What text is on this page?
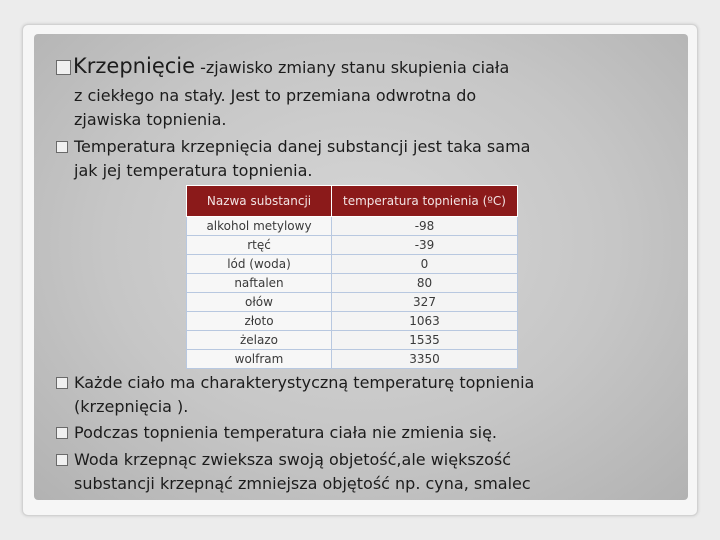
Krzepnięcie -zjawisko zmiany stanu skupienia ciała
z ciekłego na stały. Jest to przemiana odwrotna do
zjawiska topnienia.
Temperatura krzepnięcia danej substancji jest taka sama
jak jej temperatura topnienia.
Każde ciało ma charakterystyczną temperaturę topnienia
(krzepnięcia ).
Podczas topnienia temperatura ciała nie zmienia się.
Woda krzepnąc zwieksza swoją objetość,ale większość
substancji krzepnąć zmniejsza objętość np. cyna, smalec
Nazwa substancji	temperatura topnienia (ºC)
alkohol metylowy	-98
rtęć	-39
lód (woda)	0
naftalen	80
ołów	327
złoto	1063
żelazo	1535
wolfram	3350
